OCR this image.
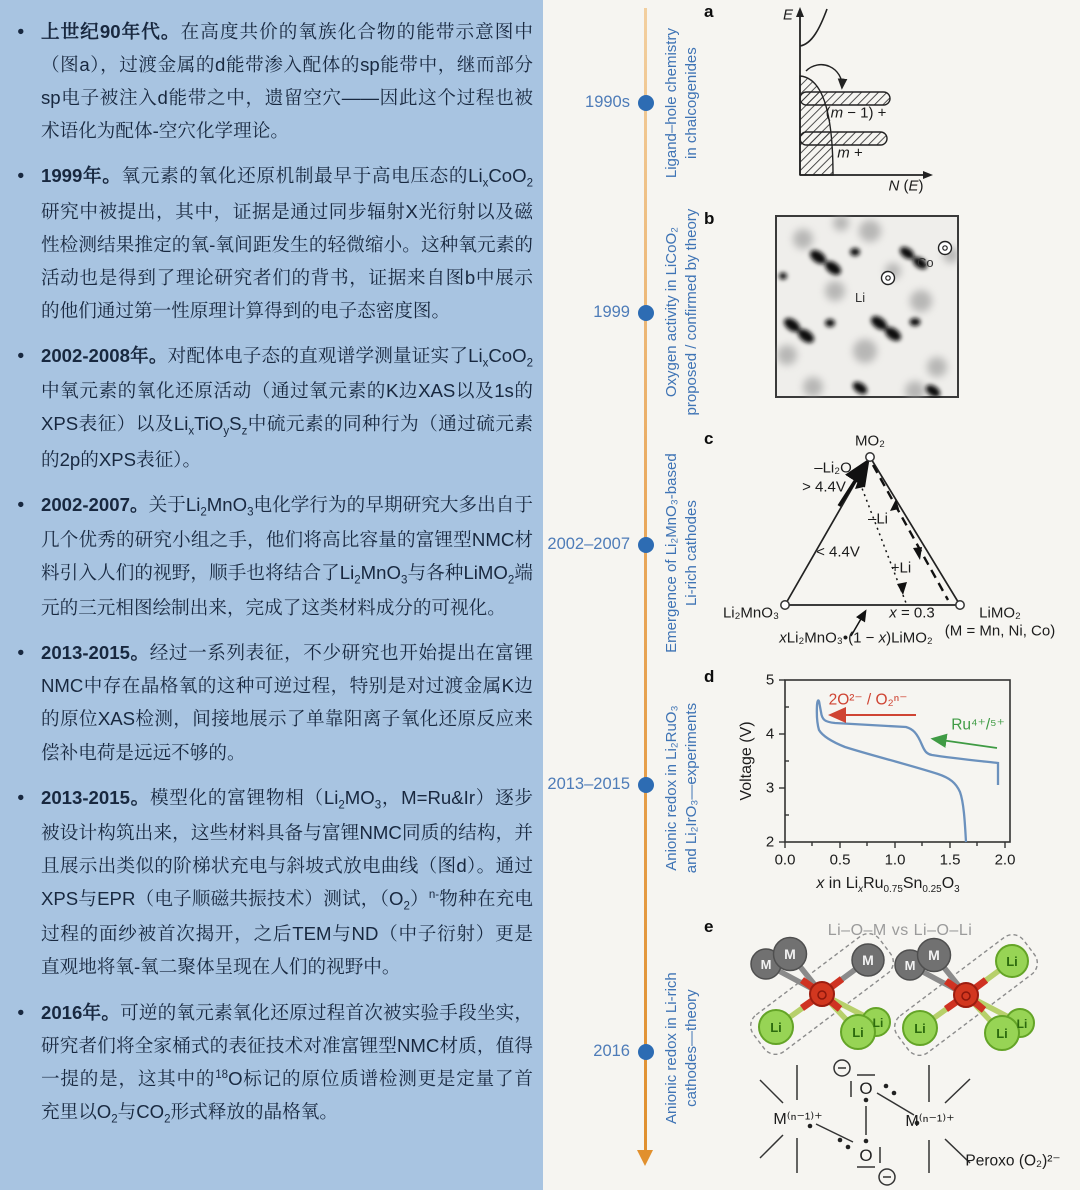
● 上世纪90年代。在高度共价的氧族化合物的能带示意图中（图a），过渡金属的d能带渗入配体的sp能带中，继而部分sp电子被注入d能带之中，遗留空穴——因此这个过程也被术语化为配体-空穴化学理论。
● 1999年。氧元素的氧化还原机制最早于高电压态的$Li_xCoO_2$研究中被提出，其中，证据是通过同步辐射X光衍射以及磁性检测结果推定的氧-氧间距发生的轻微缩小。这种氧元素的活动也是得到了理论研究者们的背书，证据来自图b中展示的他们通过第一性原理计算得到的电子态密度图。
● 2002-2008年。对配体电子态的直观谱学测量证实了$Li_xCoO_2$中氧元素的氧化还原活动（通过氧元素的K边XAS以及1s的XPS表征）以及$Li_xTiO_yS_z$中硫元素的同种行为（通过硫元素的2p的XPS表征）。
● 2002-2007。关于$Li_2MnO_3$电化学行为的早期研究大多出自于几个优秀的研究小组之手，他们将高比容量的富锂型NMC材料引入人们的视野，顺手也将结合了$Li_2MnO_3$与各种LiMO$_2$端元的三元相图绘制出来，完成了这类材料成分的可视化。
● 2013-2015。经过一系列表征，不少研究也开始提出在富锂NMC中存在晶格氧的这种可逆过程，特别是对过渡金属K边的原位XAS检测，间接地展示了单靠阳离子氧化还原反应来偿补电荷是远远不够的。
● 2013-2015。模型化的富锂物相（$Li_2MO_3$，M=Ru&Ir）逐步被设计构筑出来，这些材料具备与富锂NMC同质的结构，并且展示出类似的阶梯状充电与斜坡式放电曲线（图d）。通过XPS与EPR（电子顺磁共振技术）测试，$(O_2)^{n-}$物种在充电过程的面纱被首次揭开，之后TEM与ND（中子衍射）更是直观地将氧-氧二聚体呈现在人们的视野中。
● 2016年。可逆的氧元素氧化还原过程首次被实验手段坐实，研究者们将全家桶式的表征技术对准富锂型NMC材质，值得一提的是，这其中的$^{18}$O标记的原位质谱检测更是定量了首充里以$O_2$与$CO_2$形式释放的晶格氧。
1990s
1999
2002–2007
2013–2015
2016
Ligand–hole chemistry in chalcogenides
Oxygen activity in LiCoO₂ proposed / confirmed by theory
Emergence of Li₂MnO₃-based Li-rich cathodes
Anionic redox in Li₂RuO₃ and Li₂IrO₃—experiments
Anionic redox in Li-rich cathodes—theory
a
b
c
d
e
E
N (E)
(m − 1) +
m +
Co
Li
MO₂
Li₂MnO₃	LiMO₂
(M = Mn, Ni, Co)
–Li₂O
> 4.4V
< 4.4V
–Li
+Li
x = 0.3
xLi₂MnO₃•(1 − x)LiMO₂
5
4
3
2
0.0 0.5 1.0 1.5 2.0
Voltage (V)
x in $Li_xRu_{0.75}Sn_{0.25}O_3$
2O²⁻ / O₂ⁿ⁻
Ru⁴⁺/⁵⁺
M
M	M
Li	Li
Li
M
M	Li
Li	Li
Li
O
O
Li–O–M vs Li–O–Li
M⁽ⁿ⁻¹⁾⁺	M⁽ⁿ⁻¹⁾⁺
Peroxo (O₂)²⁻
